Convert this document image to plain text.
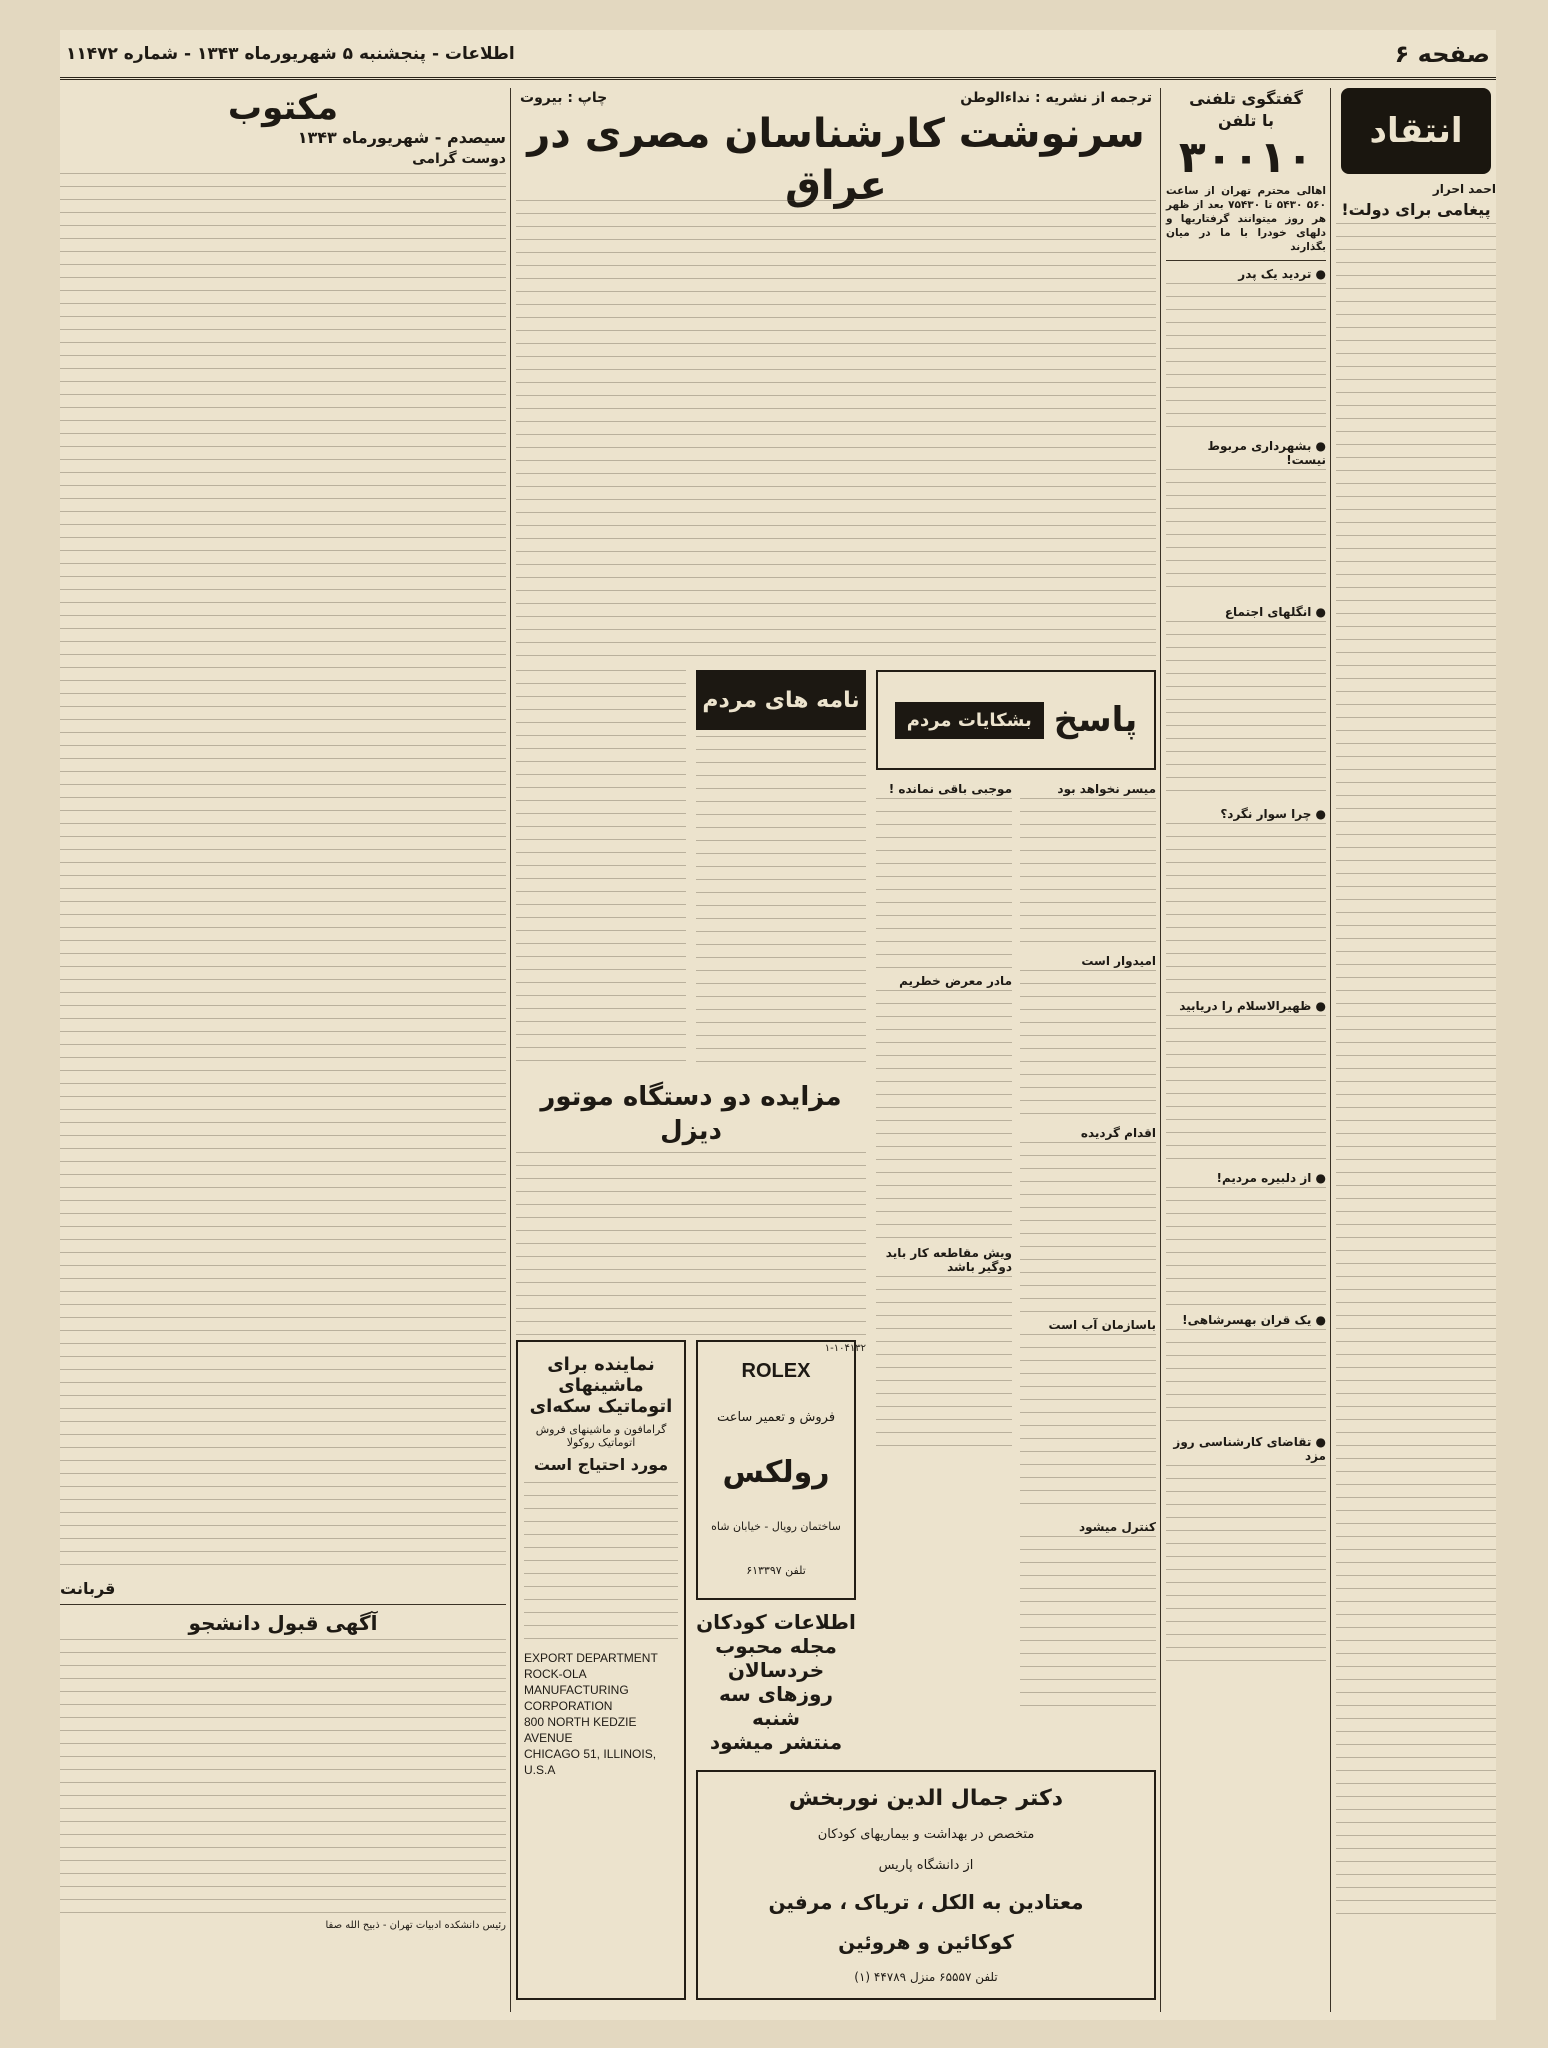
صفحه ۶
اطلاعات - پنجشنبه ۵ شهریورماه ۱۳۴۳ - شماره ۱۱۴۷۲
انتقاد
احمد احرار
پیغامی برای دولت!
گفتگوی تلفنی
با تلفن
۳۰۰۱۰
اهالی محترم تهران از ساعت ۵۶۰ ۵۴۳۰ تا ۷۵۴۳۰ بعد از ظهر هر روز میتوانند گرفتاریها و دلهای خودرا با ما در میان بگذارند
● تردید یک پدر
● بشهرداری مربوط نیست!
● انگلهای اجتماع
● چرا سوار نگرد؟
● ظهیرالاسلام را دریابید
● از دلبیره مردیم!
● یک قران بهسرشاهی!
● تقاضای کارشناسی روز مزد
ترجمه از نشریه : نداءالوطن
چاپ : بیروت
سرنوشت کارشناسان مصری در عراق
پاسخ
بشکایات مردم
میسر نخواهد بود
امیدوار است
اقدام گردیده
باسازمان آب است
کنترل میشود
موجبی باقی نمانده !
مادر معرض خطریم
ویش مقاطعه کار باید دوگیر باشد
ROLEX
فروش و تعمیر ساعت
رولکس
ساختمان رویال - خیابان شاه
تلفن ۶۱۳۳۹۷
اطلاعات کودکان
مجله محبوب
خردسالان
روزهای سه شنبه
منتشر میشود
دکتر جمال الدین نوربخش
متخصص در بهداشت و بیماریهای کودکان
از دانشگاه پاریس
معتادین به الکل ، تریاک ، مرفین
کوکائین و هروئین
تلفن ۶۵۵۵۷ منزل ۴۴۷۸۹ (۱)
نامه های مردم
مزایده دو دستگاه موتور دیزل
۱-۱۰۴۱۳۲
نماینده برای ماشینهای
اتوماتیک سکه‌ای
گرامافون و ماشینهای فروش اتوماتیک روکولا
مورد احتیاج است
EXPORT DEPARTMENT
ROCK-OLA MANUFACTURING
CORPORATION
800 NORTH KEDZIE AVENUE
CHICAGO 51, ILLINOIS, U.S.A
مکتوب
سیصدم - شهریورماه ۱۳۴۳
دوست گرامی
قربانت
آگهی قبول دانشجو
رئیس دانشکده ادبیات تهران - ذبیح الله صفا
